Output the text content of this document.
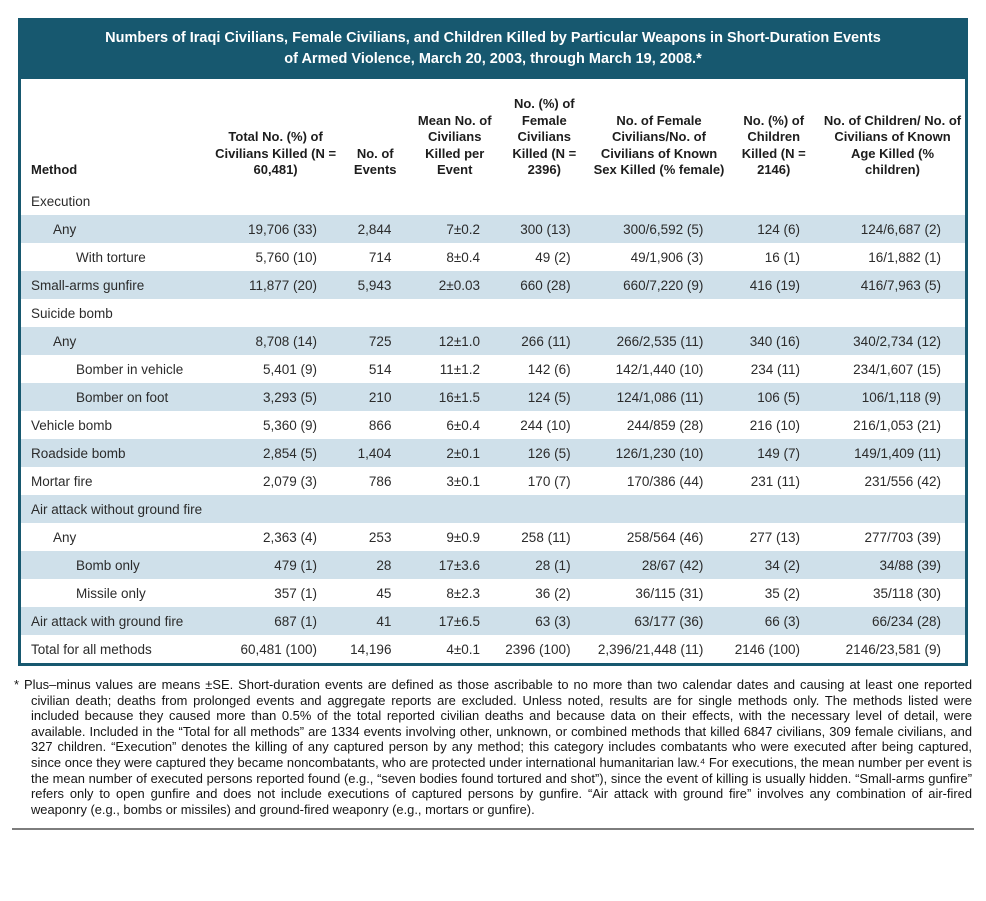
Numbers of Iraqi Civilians, Female Civilians, and Children Killed by Particular Weapons in Short-Duration Events
of Armed Violence, March 20, 2003, through March 19, 2008.*
Method	Total No. (%) of Civilians Killed (N = 60,481)	No. of Events	Mean No. of Civilians Killed per Event	No. (%) of Female Civilians Killed (N = 2396)	No. of Female Civilians/No. of Civilians of Known Sex Killed (% female)	No. (%) of Children Killed (N = 2146)	No. of Children/ No. of Civilians of Known Age Killed (% children)
Execution							
Any	19,706 (33)	2,844	7±0.2	300 (13)	300/6,592 (5)	124 (6)	124/6,687 (2)
With torture	5,760 (10)	714	8±0.4	49 (2)	49/1,906 (3)	16 (1)	16/1,882 (1)
Small-arms gunfire	11,877 (20)	5,943	2±0.03	660 (28)	660/7,220 (9)	416 (19)	416/7,963 (5)
Suicide bomb							
Any	8,708 (14)	725	12±1.0	266 (11)	266/2,535 (11)	340 (16)	340/2,734 (12)
Bomber in vehicle	5,401 (9)	514	11±1.2	142 (6)	142/1,440 (10)	234 (11)	234/1,607 (15)
Bomber on foot	3,293 (5)	210	16±1.5	124 (5)	124/1,086 (11)	106 (5)	106/1,118 (9)
Vehicle bomb	5,360 (9)	866	6±0.4	244 (10)	244/859 (28)	216 (10)	216/1,053 (21)
Roadside bomb	2,854 (5)	1,404	2±0.1	126 (5)	126/1,230 (10)	149 (7)	149/1,409 (11)
Mortar fire	2,079 (3)	786	3±0.1	170 (7)	170/386 (44)	231 (11)	231/556 (42)
Air attack without ground fire							
Any	2,363 (4)	253	9±0.9	258 (11)	258/564 (46)	277 (13)	277/703 (39)
Bomb only	479 (1)	28	17±3.6	28 (1)	28/67 (42)	34 (2)	34/88 (39)
Missile only	357 (1)	45	8±2.3	36 (2)	36/115 (31)	35 (2)	35/118 (30)
Air attack with ground fire	687 (1)	41	17±6.5	63 (3)	63/177 (36)	66 (3)	66/234 (28)
Total for all methods	60,481 (100)	14,196	4±0.1	2396 (100)	2,396/21,448 (11)	2146 (100)	2146/23,581 (9)
* Plus–minus values are means ±SE. Short-duration events are defined as those ascribable to no more than two calendar dates and causing at least one reported civilian death; deaths from prolonged events and aggregate reports are excluded. Unless noted, results are for single methods only. The methods listed were included because they caused more than 0.5% of the total reported civilian deaths and because data on their effects, with the necessary level of detail, were available. Included in the “Total for all methods” are 1334 events involving other, unknown, or combined methods that killed 6847 civilians, 309 female civilians, and 327 children. “Execution” denotes the killing of any captured person by any method; this category includes combatants who were executed after being captured, since once they were captured they became noncombatants, who are protected under international humanitarian law.⁴ For executions, the mean number per event is the mean number of executed persons reported found (e.g., “seven bodies found tortured and shot”), since the event of killing is usually hidden. “Small-arms gunfire” refers only to open gunfire and does not include executions of captured persons by gunfire. “Air attack with ground fire” involves any combination of air-fired weaponry (e.g., bombs or missiles) and ground-fired weaponry (e.g., mortars or gunfire).
